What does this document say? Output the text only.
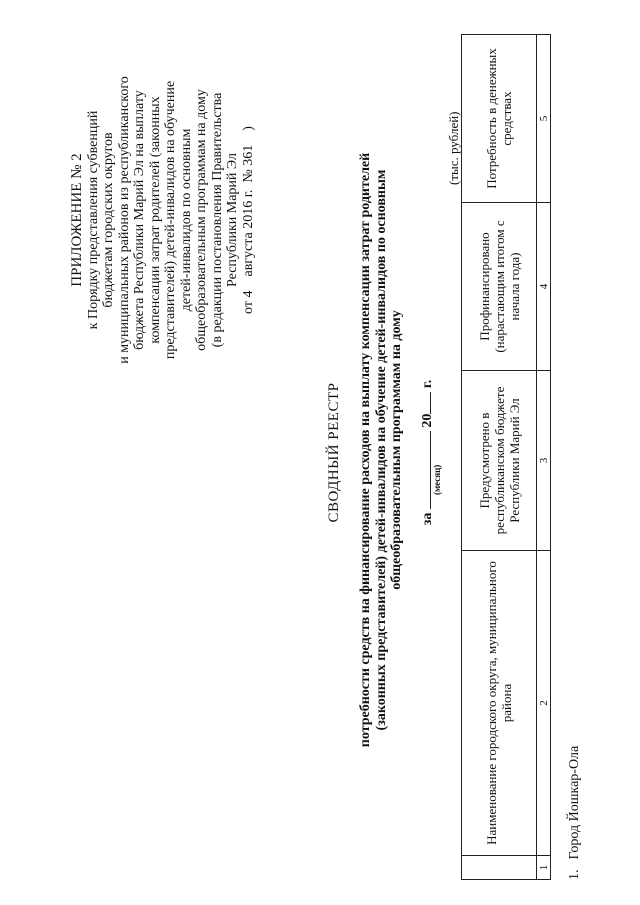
ПРИЛОЖЕНИЕ № 2 к Порядку представления субвенций бюджетам городских округов и муниципальных районов из республиканского бюджета Республики Марий Эл на выплату компенсации затрат родителей (законных представителей) детей-инвалидов на обучение детей-инвалидов по основным общеобразовательным программам на дому (в редакции постановления Правительства Республики Марий Эл от 4    августа 2016 г.  № 361    )
СВОДНЫЙ РЕЕСТР потребности средств на финансирование расходов на выплату компенсации затрат родителей (законных представителей) детей-инвалидов на обучение детей-инвалидов по основным общеобразовательным программам на дому за  20 г.
(месяц)
(тыс. рублей)
	Наименование городского округа, муниципального района	Предусмотрено в республиканском бюджете Республики Марий Эл	Профинансировано (нарастающим итогом с начала года)	Потребность в денежных средствах
1	2	3	4	5
1.Город Йошкар-Ола
